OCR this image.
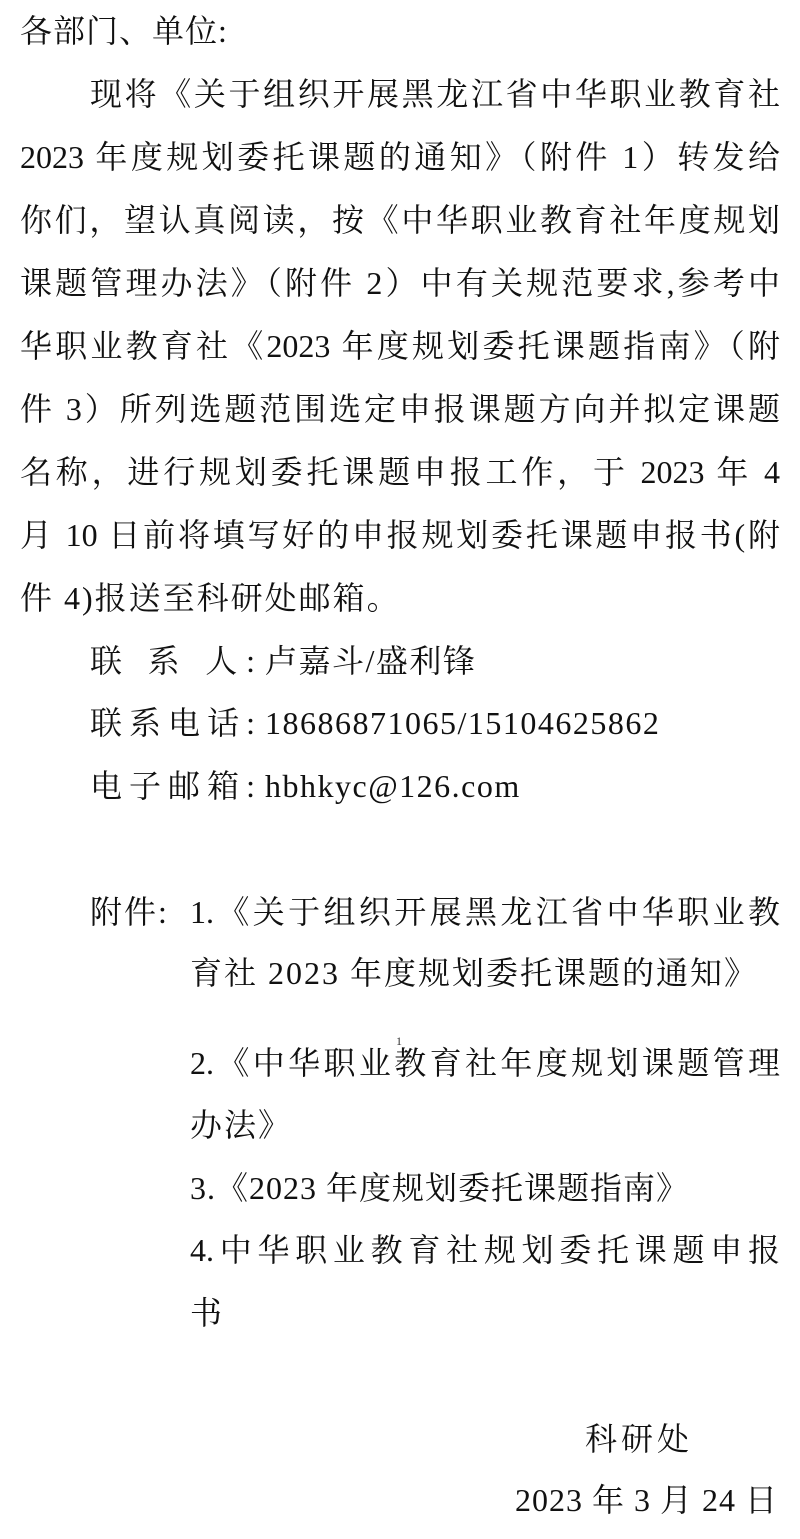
各部门、单位:
现将《关于组织开展黑龙江省中华职业教育社
2023 年度规划委托课题的通知》（附件 1）转发给
你们，望认真阅读，按《中华职业教育社年度规划
课题管理办法》（附件 2）中有关规范要求,参考中
华职业教育社《2023 年度规划委托课题指南》（附
件 3）所列选题范围选定申报课题方向并拟定课题
名称，进行规划委托课题申报工作，于 2023 年 4
月 10 日前将填写好的申报规划委托课题申报书(附
件 4)报送至科研处邮箱。
联 系 人: 卢嘉斗/盛利锋
联系电话: 18686871065/15104625862
电子邮箱: hbhkyc@126.com
附件: 1.《关于组织开展黑龙江省中华职业教
育社 2023 年度规划委托课题的通知》
1
2.《中华职业教育社年度规划课题管理
办法》
3.《2023 年度规划委托课题指南》
4.中华职业教育社规划委托课题申报
书
科研处
2023 年 3 月 24 日
